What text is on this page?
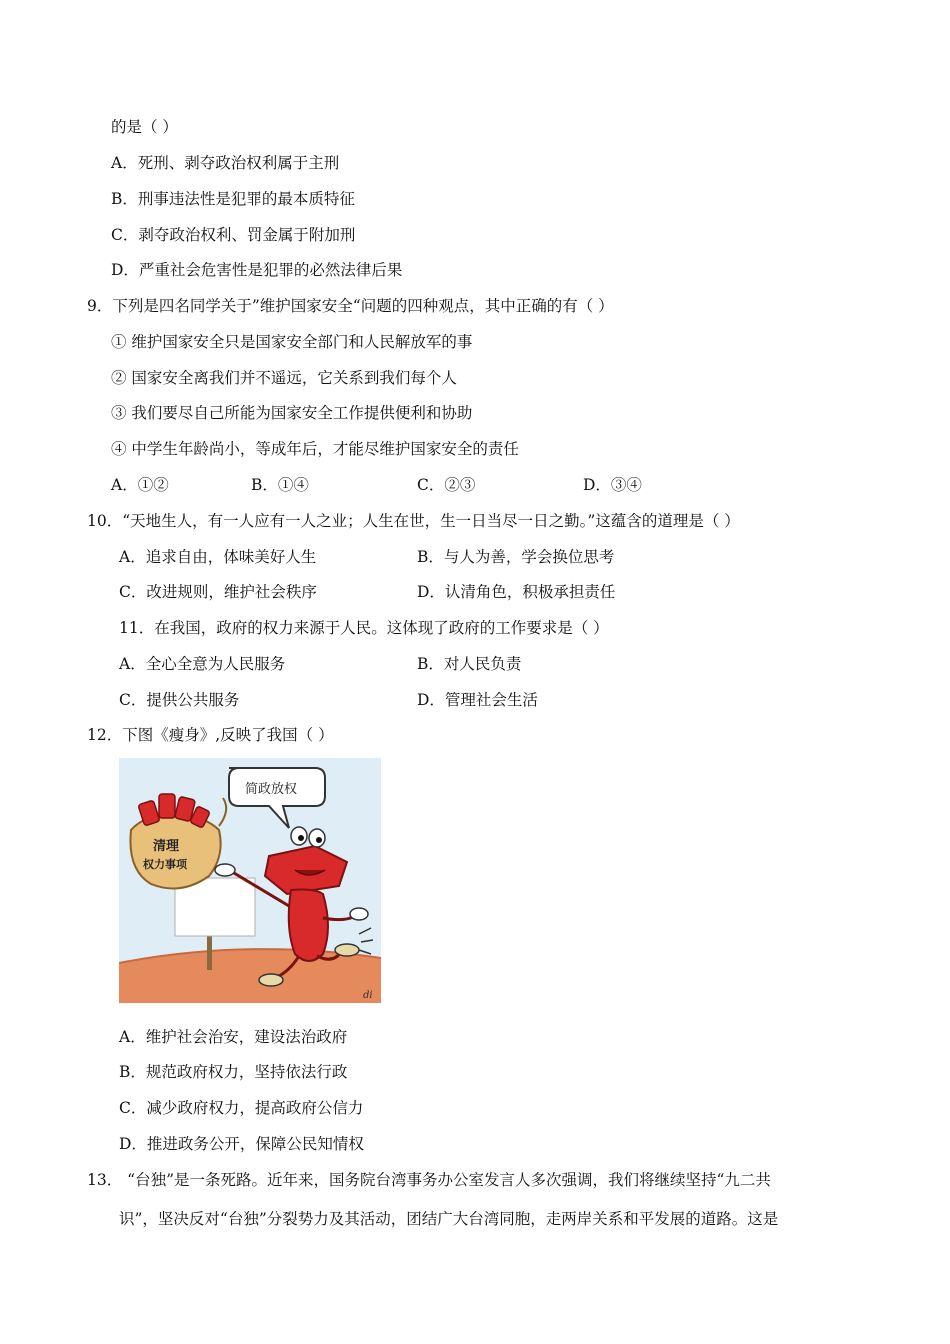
的是（ ）
A．死刑、剥夺政治权利属于主刑
B．刑事违法性是犯罪的最本质特征
C．剥夺政治权利、罚金属于附加刑
D．严重社会危害性是犯罪的必然法律后果
9．下列是四名同学关于”维护国家安全“问题的四种观点，其中正确的有（ ）
① 维护国家安全只是国家安全部门和人民解放军的事
② 国家安全离我们并不遥远，它关系到我们每个人
③ 我们要尽自己所能为国家安全工作提供便利和协助
④ 中学生年龄尚小，等成年后，才能尽维护国家安全的责任
A．①②	B．①④	C．②③	D．③④
10．“天地生人，有一人应有一人之业；人生在世，生一日当尽一日之勤。”这蕴含的道理是（ ）
A．追求自由，体味美好人生	B．与人为善，学会换位思考
C．改进规则，维护社会秩序	D．认清角色，积极承担责任
11．在我国，政府的权力来源于人民。这体现了政府的工作要求是（ ）
A．全心全意为人民服务	B．对人民负责
C．提供公共服务	D．管理社会生活
12．下图《瘦身》,反映了我国（ ）
清理
权力事项
简政放权
di
A．维护社会治安，建设法治政府
B．规范政府权力，坚持依法行政
C．减少政府权力，提高政府公信力
D．推进政务公开，保障公民知情权
13． “台独”是一条死路。近年来，国务院台湾事务办公室发言人多次强调，我们将继续坚持“九二共
识”，坚决反对“台独”分裂势力及其活动，团结广大台湾同胞，走两岸关系和平发展的道路。这是
